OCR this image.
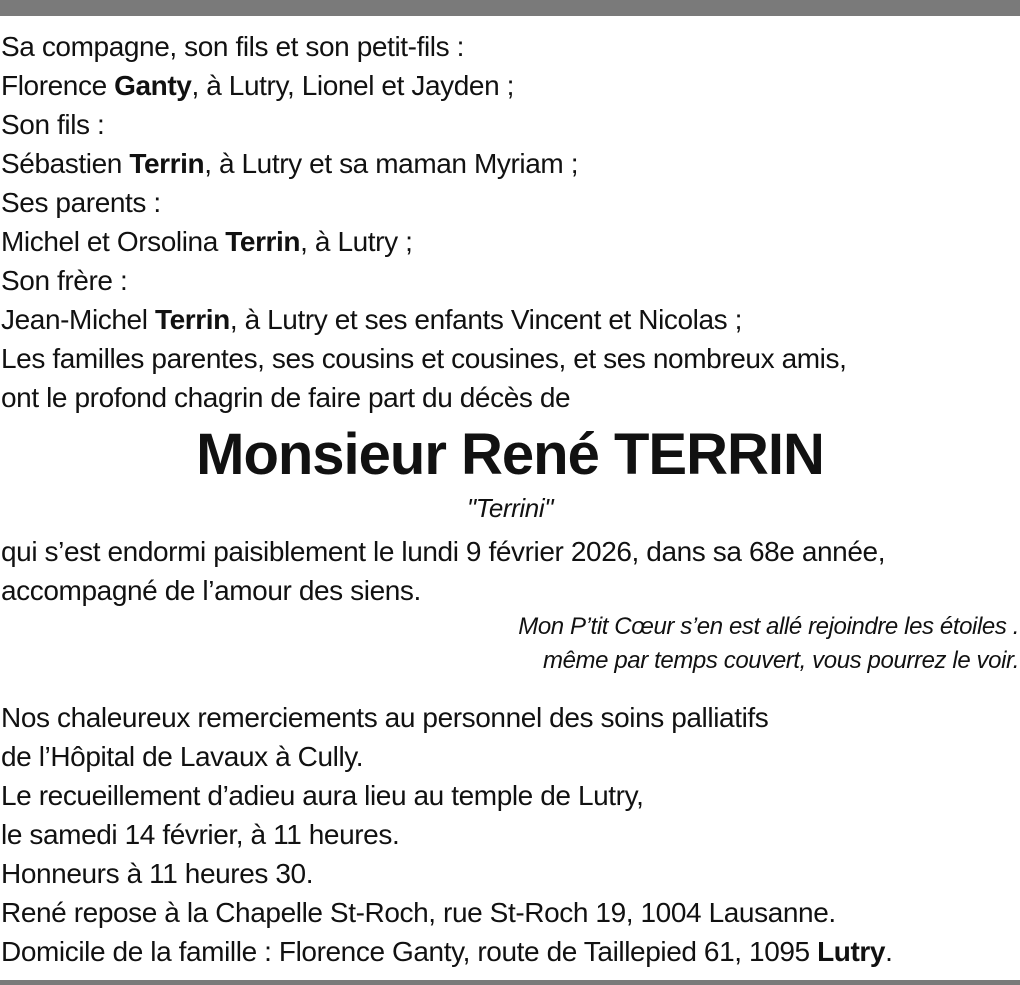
Sa compagne, son fils et son petit-fils :
Florence Ganty, à Lutry, Lionel et Jayden ;
Son fils :
Sébastien Terrin, à Lutry et sa maman Myriam ;
Ses parents :
Michel et Orsolina Terrin, à Lutry ;
Son frère :
Jean-Michel Terrin, à Lutry et ses enfants Vincent et Nicolas ;
Les familles parentes, ses cousins et cousines, et ses nombreux amis,
ont le profond chagrin de faire part du décès de
Monsieur René TERRIN
"Terrini"
qui s’est endormi paisiblement le lundi 9 février 2026, dans sa 68e année,
accompagné de l’amour des siens.
Mon P’tit Cœur s’en est allé rejoindre les étoiles .
même par temps couvert, vous pourrez le voir.
Nos chaleureux remerciements au personnel des soins palliatifs
de l’Hôpital de Lavaux à Cully.
Le recueillement d’adieu aura lieu au temple de Lutry,
le samedi 14 février, à 11 heures.
Honneurs à 11 heures 30.
René repose à la Chapelle St-Roch, rue St-Roch 19, 1004 Lausanne.
Domicile de la famille : Florence Ganty, route de Taillepied 61, 1095 Lutry.
